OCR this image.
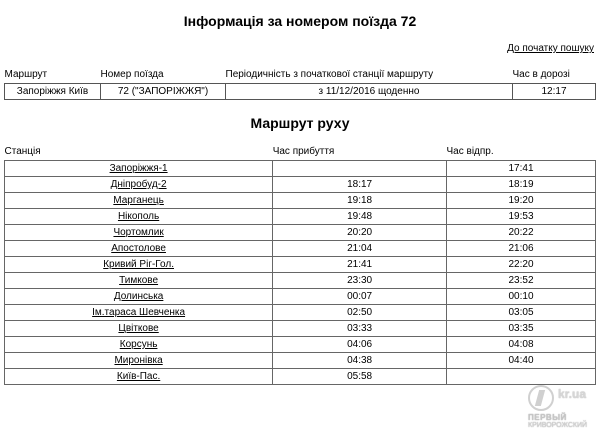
Інформація за номером поїзда 72
До початку пошуку
Маршрут	Номер поїзда	Періодичність з початкової станції маршруту	Час в дорозі
Запоріжжя Київ	72 ("ЗАПОРІЖЖЯ")	з 11/12/2016 щоденно	12:17
Маршрут руху
Станція	Час прибуття	Час відпр.
Запоріжжя-1		17:41
Дніпробуд-2	18:17	18:19
Марганець	19:18	19:20
Нікополь	19:48	19:53
Чортомлик	20:20	20:22
Апостолове	21:04	21:06
Кривий Ріг-Гол.	21:41	22:20
Тимкове	23:30	23:52
Долинська	00:07	00:10
Ім.тараса Шевченка	02:50	03:05
Цвіткове	03:33	03:35
Корсунь	04:06	04:08
Миронівка	04:38	04:40
Київ-Пас.	05:58	
kr.ua
ПЕРВЫЙ
КРИВОРОЖСКИЙ
